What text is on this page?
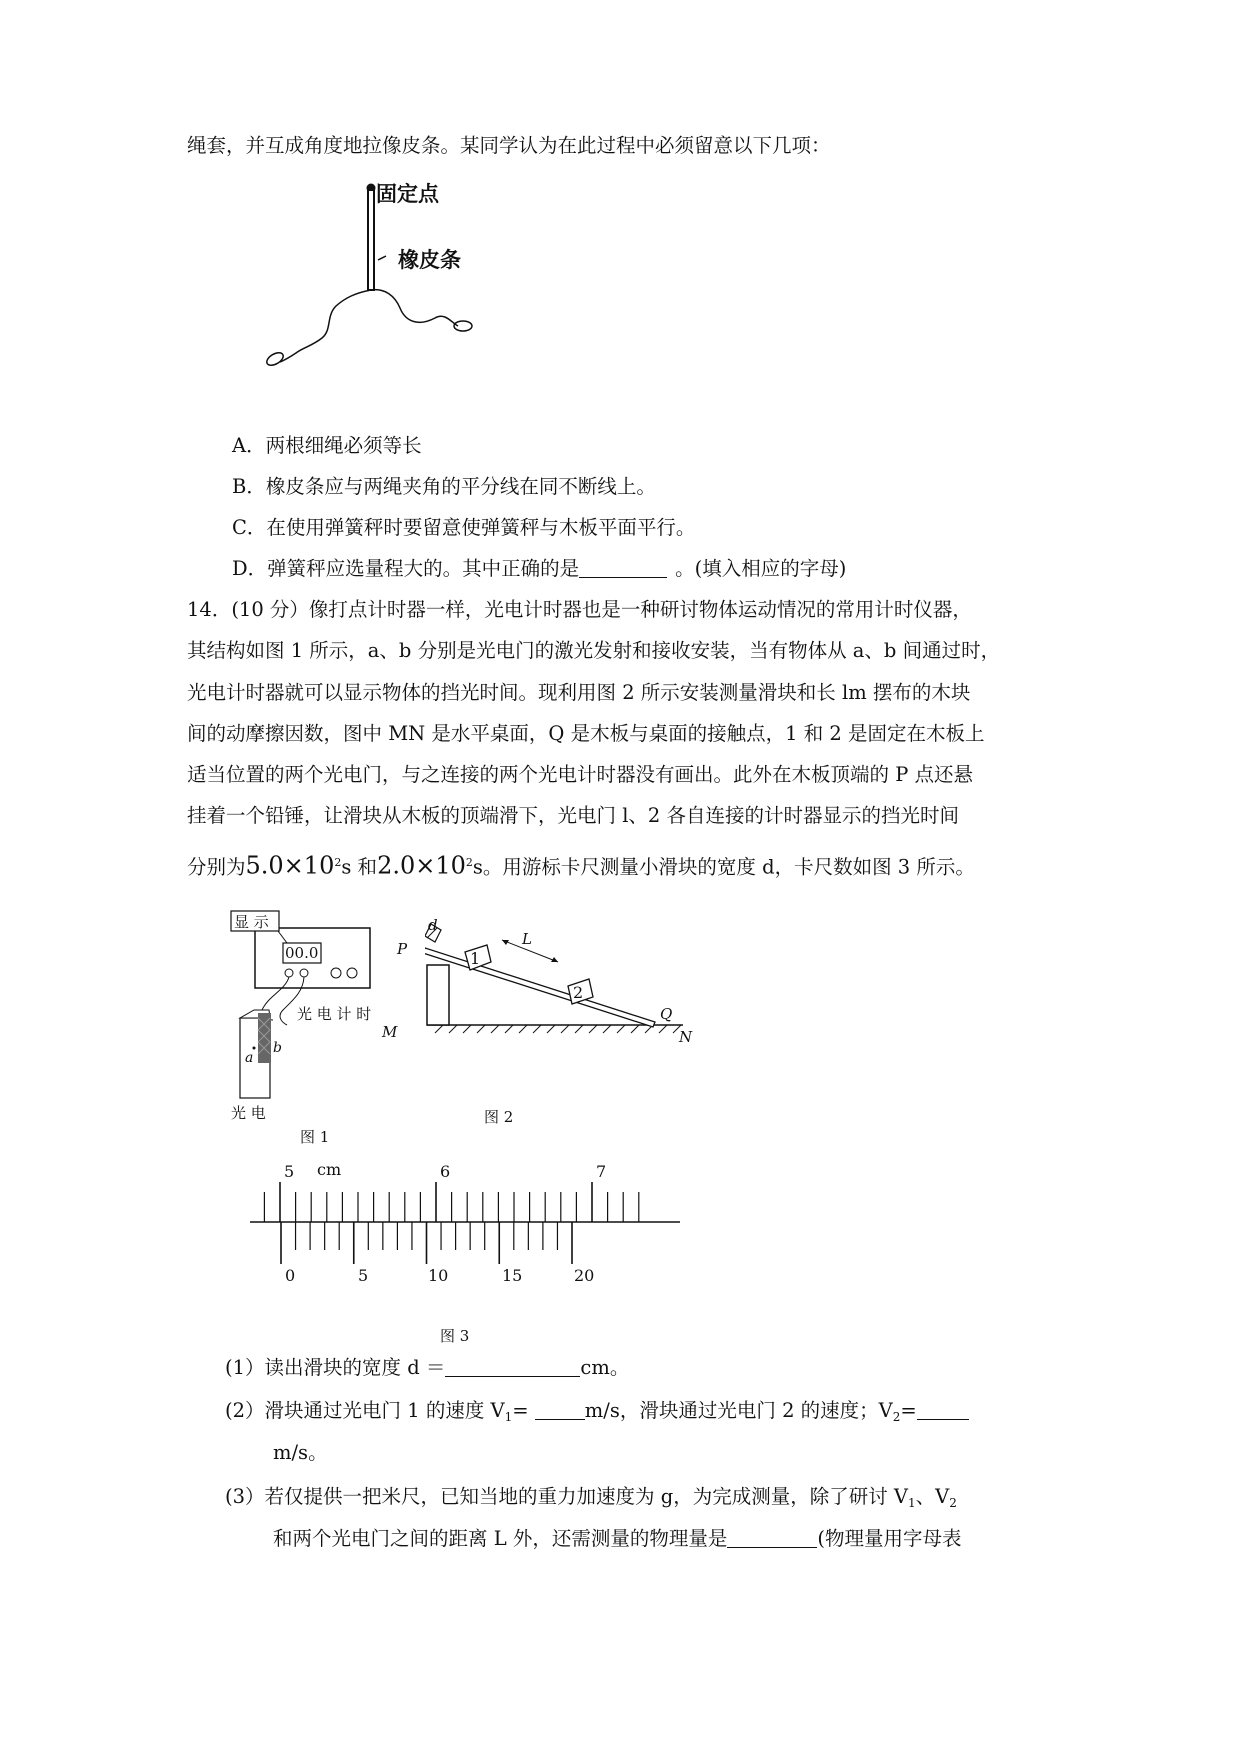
绳套，并互成角度地拉像皮条。某同学认为在此过程中必须留意以下几项：
固定点
橡皮条
A．两根细绳必须等长
B．橡皮条应与两绳夹角的平分线在同不断线上。
C．在使用弹簧秤时要留意使弹簧秤与木板平面平行。
D．弹簧秤应选量程大的。其中正确的是	。(填入相应的字母)
14．(10 分）像打点计时器一样，光电计时器也是一种研讨物体运动情况的常用计时仪器，
其结构如图 1 所示，a、b 分别是光电门的激光发射和接收安装，当有物体从 a、b 间通过时，
光电计时器就可以显示物体的挡光时间。现利用图 2 所示安装测量滑块和长 lm 摆布的木块
间的动摩擦因数，图中 MN 是水平桌面，Q 是木板与桌面的接触点，1 和 2 是固定在木板上
适当位置的两个光电门，与之连接的两个光电计时器没有画出。此外在木板顶端的 P 点还悬
挂着一个铅锤，让滑块从木板的顶端滑下，光电门 l、2 各自连接的计时器显示的挡光时间
分别为$5.0\times 10^2s$ 和$2.0\times 10^2s$。用游标卡尺测量小滑块的宽度 d，卡尺数如图 3 所示。
显 示
00.0
光 电 计 时
a
b
光 电
图 1
d
P
L
1
2
Q
M	N
图 2
5 cm	6	7
0	5	10	15	20
图 3
(1）读出滑块的宽度 d ＝	cm。
(2）滑块通过光电门 1 的速度 $V_1=$	m/s，滑块通过光电门 2 的速度；$V_2=$
m/s。
(3）若仅提供一把米尺，已知当地的重力加速度为 g，为完成测量，除了研讨 $V_1$、$V_2$
和两个光电门之间的距离 L 外，还需测量的物理量是	(物理量用字母表
